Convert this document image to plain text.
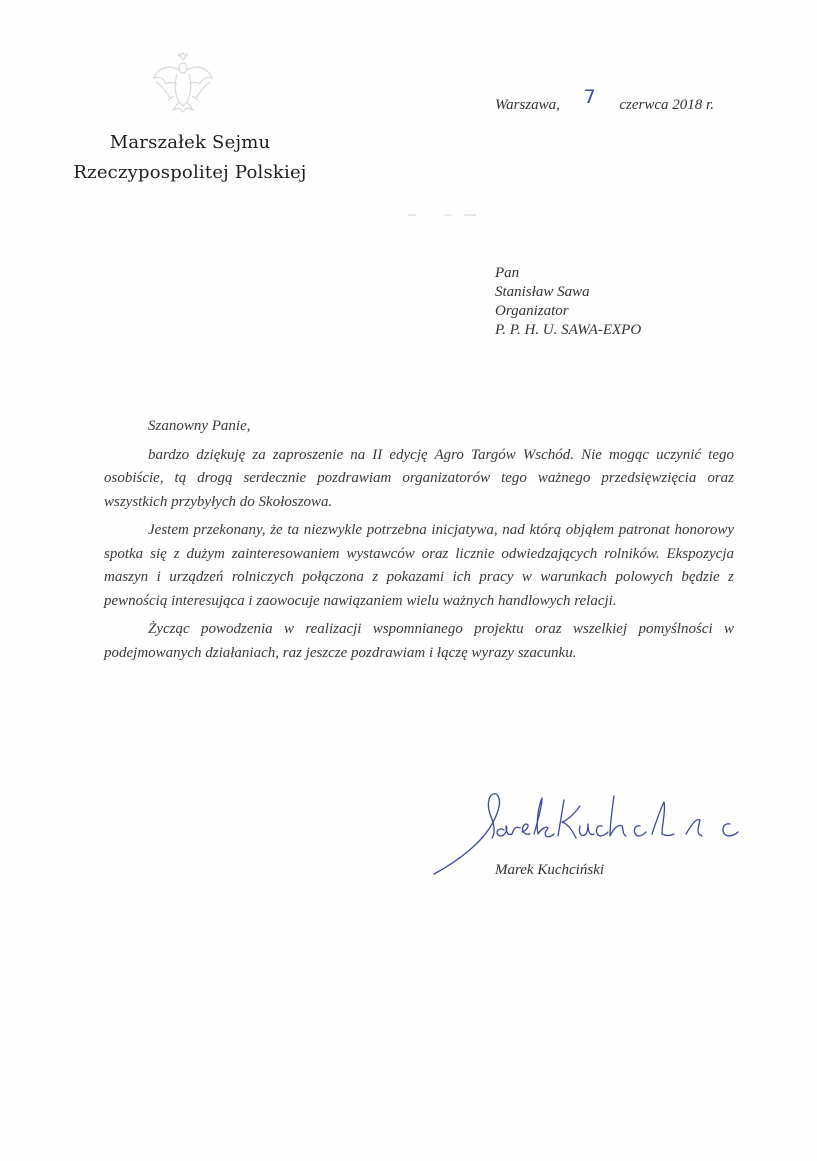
Marszałek Sejmu
Rzeczypospolitej Polskiej
Warszawa, 7 czerwca 2018 r.
Pan
Stanisław Sawa
Organizator
P. P. H. U. SAWA-EXPO
Szanowny Panie,

bardzo dziękuję za zaproszenie na II edycję Agro Targów Wschód. Nie mogąc uczynić tego osobiście, tą drogą serdecznie pozdrawiam organizatorów tego ważnego przedsięwzięcia oraz wszystkich przybyłych do Skołoszowa.

Jestem przekonany, że ta niezwykle potrzebna inicjatywa, nad którą objąłem patronat honorowy spotka się z dużym zainteresowaniem wystawców oraz licznie odwiedzających rolników. Ekspozycja maszyn i urządzeń rolniczych połączona z pokazami ich pracy w warunkach polowych będzie z pewnością interesująca i zaowocuje nawiązaniem wielu ważnych handlowych relacji.

Życząc powodzenia w realizacji wspomnianego projektu oraz wszelkiej pomyślności w podejmowanych działaniach, raz jeszcze pozdrawiam i łączę wyrazy szacunku.

Marek Kuchciński
